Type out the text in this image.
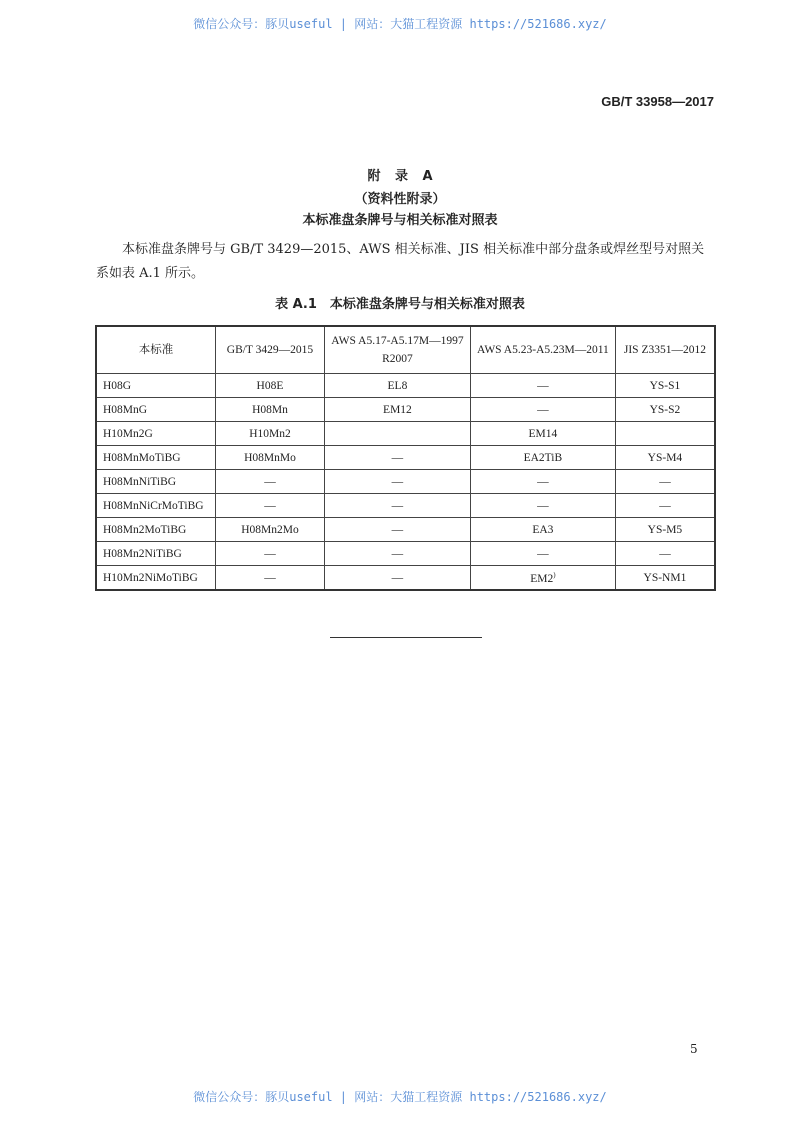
微信公众号：豚贝useful | 网站：大猫工程资源 https://521686.xyz/
GB/T 33958—2017
附 录 A
（资料性附录）
本标准盘条牌号与相关标准对照表
本标准盘条牌号与 GB/T 3429—2015、AWS 相关标准、JIS 相关标准中部分盘条或焊丝型号对照关系如表 A.1 所示。
表 A.1　本标准盘条牌号与相关标准对照表
本标准	GB/T 3429—2015	AWS A5.17-A5.17M—1997
R2007	AWS A5.23-A5.23M—2011	JIS Z3351—2012
H08G	H08E	EL8	—	YS-S1
H08MnG	H08Mn	EM12	—	YS-S2
H10Mn2G	H10Mn2		EM14	
H08MnMoTiBG	H08MnMo	—	EA2TiB	YS-M4
H08MnNiTiBG	—	—	—	—
H08MnNiCrMoTiBG	—	—	—	—
H08Mn2MoTiBG	H08Mn2Mo	—	EA3	YS-M5
H08Mn2NiTiBG	—	—	—	—
H10Mn2NiMoTiBG	—	—	EM2)	YS-NM1
5
微信公众号：豚贝useful | 网站：大猫工程资源 https://521686.xyz/
